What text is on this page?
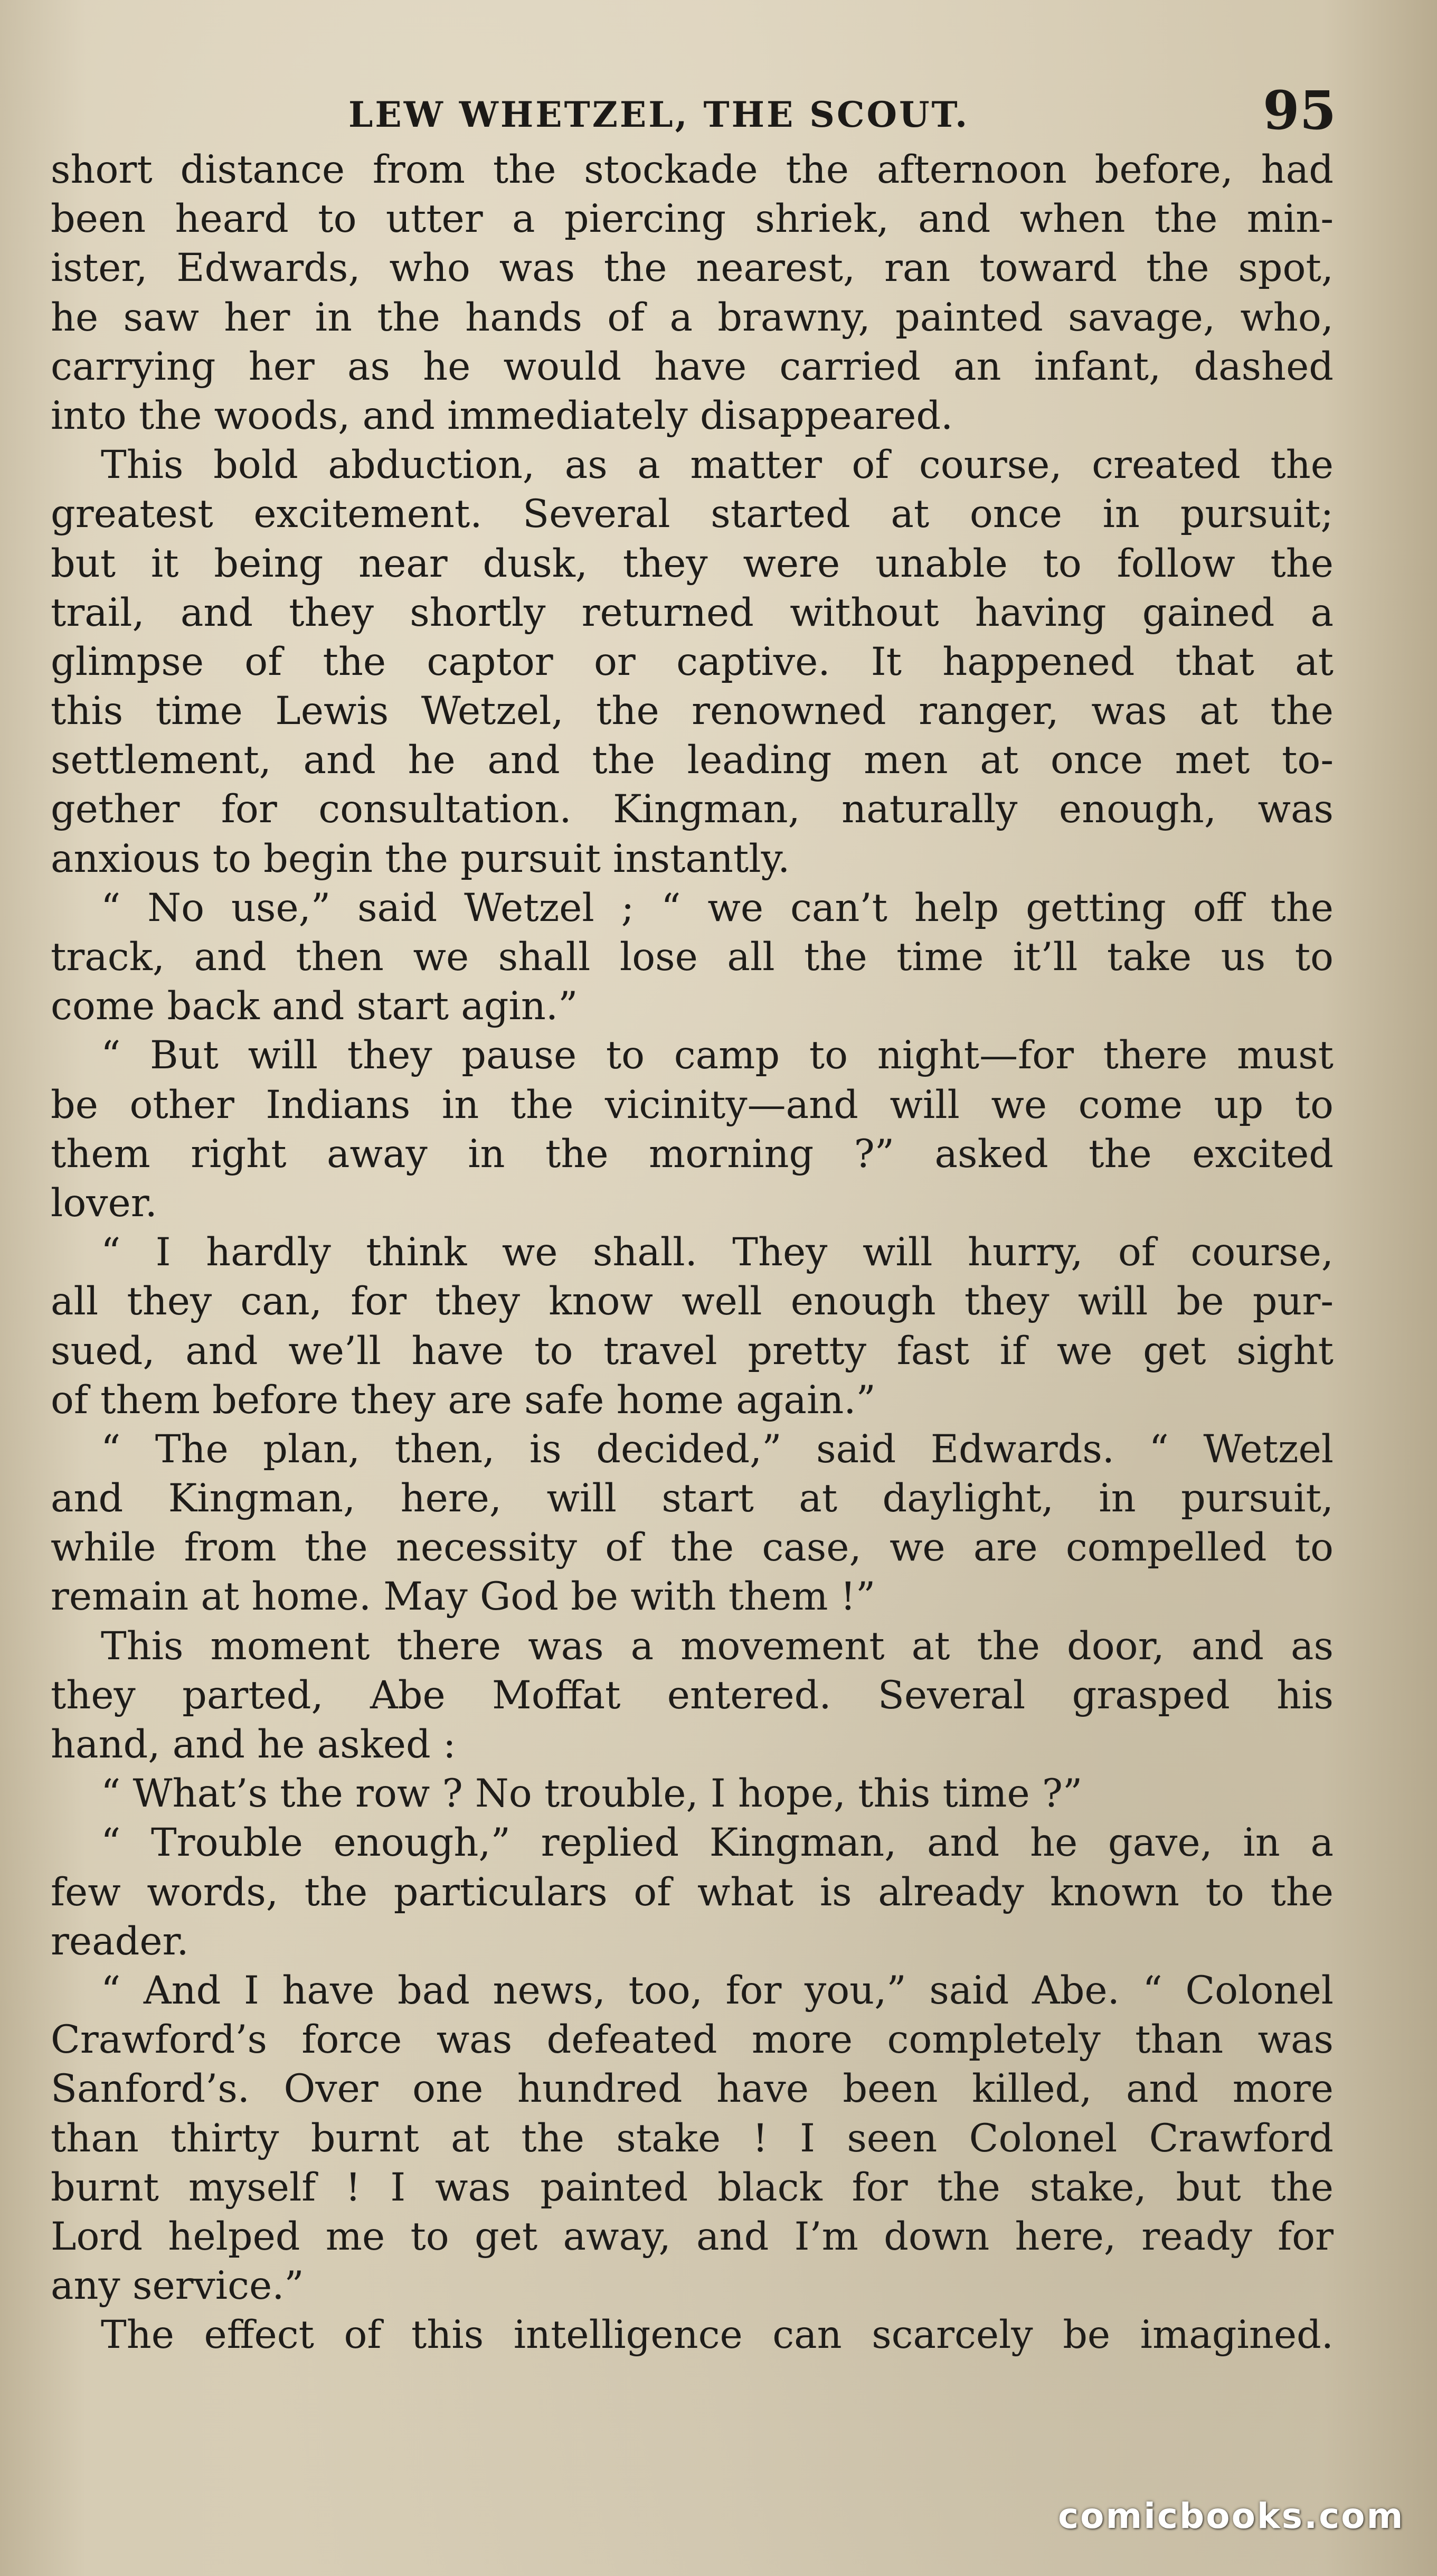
LEW WHETZEL, THE SCOUT.	95
short distance from the stockade the afternoon before, had
been heard to utter a piercing shriek, and when the min-
ister, Edwards, who was the nearest, ran toward the spot,
he saw her in the hands of a brawny, painted savage, who,
carrying her as he would have carried an infant, dashed
into the woods, and immediately disappeared.
This bold abduction, as a matter of course, created the
greatest excitement. Several started at once in pursuit;
but it being near dusk, they were unable to follow the
trail, and they shortly returned without having gained a
glimpse of the captor or captive. It happened that at
this time Lewis Wetzel, the renowned ranger, was at the
settlement, and he and the leading men at once met to-
gether for consultation. Kingman, naturally enough, was
anxious to begin the pursuit instantly.
“ No use,” said Wetzel ; “ we can’t help getting off the
track, and then we shall lose all the time it’ll take us to
come back and start agin.”
“ But will they pause to camp to night—for there must
be other Indians in the vicinity—and will we come up to
them right away in the morning ?” asked the excited
lover.
“ I hardly think we shall. They will hurry, of course,
all they can, for they know well enough they will be pur-
sued, and we’ll have to travel pretty fast if we get sight
of them before they are safe home again.”
“ The plan, then, is decided,” said Edwards. “ Wetzel
and Kingman, here, will start at daylight, in pursuit,
while from the necessity of the case, we are compelled to
remain at home. May God be with them !”
This moment there was a movement at the door, and as
they parted, Abe Moffat entered. Several grasped his
hand, and he asked :
“ What’s the row ? No trouble, I hope, this time ?”
“ Trouble enough,” replied Kingman, and he gave, in a
few words, the particulars of what is already known to the
reader.
“ And I have bad news, too, for you,” said Abe. “ Colonel
Crawford’s force was defeated more completely than was
Sanford’s. Over one hundred have been killed, and more
than thirty burnt at the stake ! I seen Colonel Crawford
burnt myself ! I was painted black for the stake, but the
Lord helped me to get away, and I’m down here, ready for
any service.”
The effect of this intelligence can scarcely be imagined.
comicbooks.com
